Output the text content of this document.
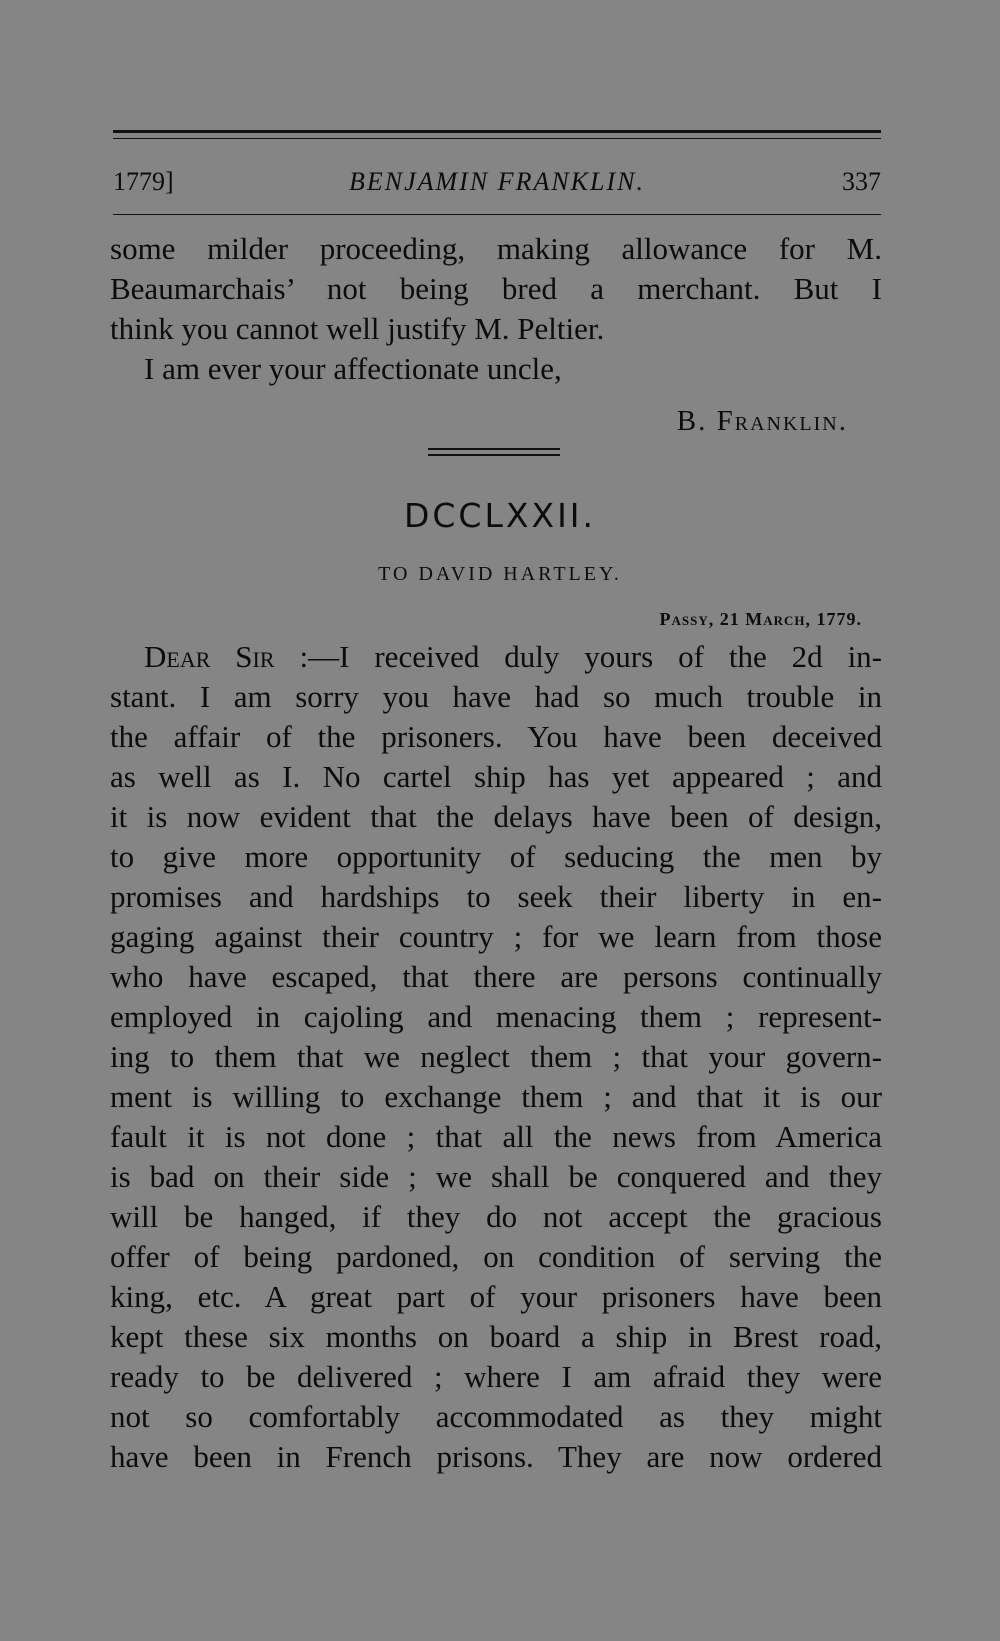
1779]	BENJAMIN FRANKLIN.	337
some milder proceeding, making allowance for M.
Beaumarchais’ not being bred a merchant. But I
think you cannot well justify M. Peltier.
I am ever your affectionate uncle,
B. Franklin.
DCCLXXII.
TO DAVID HARTLEY.
Passy, 21 March, 1779.
Dear Sir :—I received duly yours of the 2d in-
stant. I am sorry you have had so much trouble in
the affair of the prisoners. You have been deceived
as well as I. No cartel ship has yet appeared ; and
it is now evident that the delays have been of design,
to give more opportunity of seducing the men by
promises and hardships to seek their liberty in en-
gaging against their country ; for we learn from those
who have escaped, that there are persons continually
employed in cajoling and menacing them ; represent-
ing to them that we neglect them ; that your govern-
ment is willing to exchange them ; and that it is our
fault it is not done ; that all the news from America
is bad on their side ; we shall be conquered and they
will be hanged, if they do not accept the gracious
offer of being pardoned, on condition of serving the
king, etc. A great part of your prisoners have been
kept these six months on board a ship in Brest road,
ready to be delivered ; where I am afraid they were
not so comfortably accommodated as they might
have been in French prisons. They are now ordered
